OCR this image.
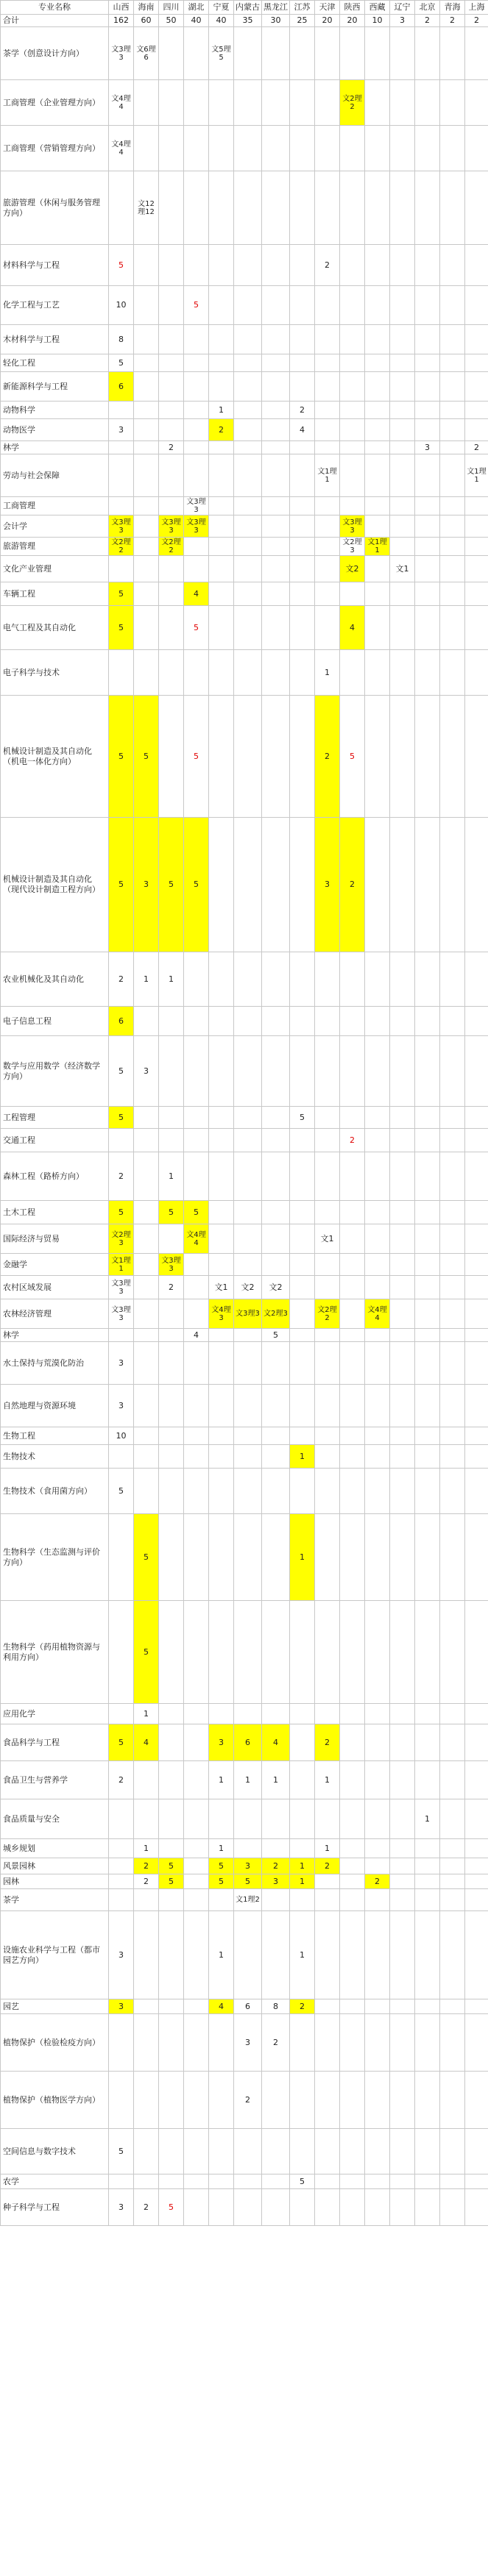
专业名称	山西	海南	四川	湖北	宁夏	内蒙古	黑龙江	江苏	天津	陕西	西藏	辽宁	北京	青海	上海
合计	162	60	50	40	40	35	30	25	20	20	10	3	2	2	2
茶学（创意设计方向）	文3理3	文6理6			文5理5										
工商管理（企业管理方向）	文4理4									文2理2					
工商管理（营销管理方向）	文4理4														
旅游管理（休闲与服务管理方向）		文12理12													
材料科学与工程	5								2						
化学工程与工艺	10			5											
木材科学与工程	8														
轻化工程	5														
新能源科学与工程	6														
动物科学					1			2							
动物医学	3				2			4							
林学			2										3		2
劳动与社会保障									文1理1						文1理1
工商管理				文3理3											
会计学	文3理3		文3理3	文3理3						文3理3					
旅游管理	文2理2		文2理2							文2理3	文1理1				
文化产业管理										文2		文1			
车辆工程	5			4											
电气工程及其自动化	5			5						4					
电子科学与技术									1						
机械设计制造及其自动化（机电一体化方向）	5	5		5					2	5					
机械设计制造及其自动化（现代设计制造工程方向）	5	3	5	5					3	2					
农业机械化及其自动化	2	1	1												
电子信息工程	6														
数学与应用数学（经济数学方向）	5	3													
工程管理	5							5							
交通工程										2					
森林工程（路桥方向）	2		1												
土木工程	5		5	5											
国际经济与贸易	文2理3			文4理4					文1						
金融学	文1理1		文3理3												
农村区域发展	文3理3		2		文1	文2	文2								
农林经济管理	文3理3				文4理3	文3理3	文2理3		文2理2		文4理4				
林学				4			5								
水土保持与荒漠化防治	3														
自然地理与资源环境	3														
生物工程	10														
生物技术								1							
生物技术（食用菌方向）	5														
生物科学（生态监测与评价方向）		5						1							
生物科学（药用植物资源与利用方向）		5													
应用化学		1													
食品科学与工程	5	4			3	6	4		2						
食品卫生与营养学	2				1	1	1		1						
食品质量与安全													1		
城乡规划		1			1				1						
风景园林		2	5		5	3	2	1	2						
园林		2	5		5	5	3	1			2				
茶学						文1理2									
设施农业科学与工程（都市园艺方向）	3				1			1							
园艺	3				4	6	8	2							
植物保护（检验检疫方向）						3	2								
植物保护（植物医学方向）						2									
空间信息与数字技术	5														
农学								5							
种子科学与工程	3	2	5												
